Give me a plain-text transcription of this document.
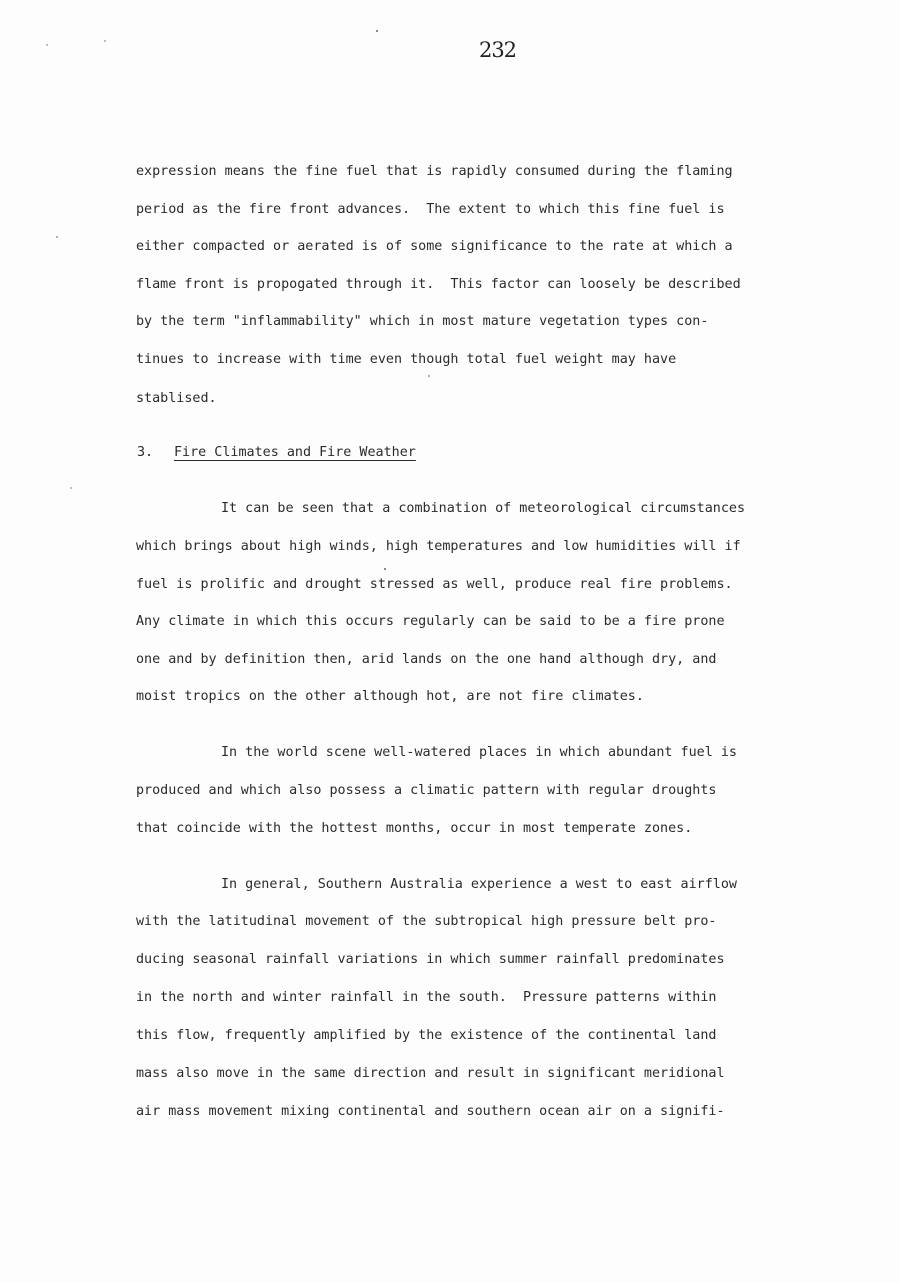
232
expression means the fine fuel that is rapidly consumed during the flaming
period as the fire front advances.  The extent to which this fine fuel is
either compacted or aerated is of some significance to the rate at which a
flame front is propogated through it.  This factor can loosely be described
by the term "inflammability" which in most mature vegetation types con-
tinues to increase with time even though total fuel weight may have
stablised.
3. Fire Climates and Fire Weather
It can be seen that a combination of meteorological circumstances
which brings about high winds, high temperatures and low humidities will if
fuel is prolific and drought stressed as well, produce real fire problems.
Any climate in which this occurs regularly can be said to be a fire prone
one and by definition then, arid lands on the one hand although dry, and
moist tropics on the other although hot, are not fire climates.
In the world scene well-watered places in which abundant fuel is
produced and which also possess a climatic pattern with regular droughts
that coincide with the hottest months, occur in most temperate zones.
In general, Southern Australia experience a west to east airflow
with the latitudinal movement of the subtropical high pressure belt pro-
ducing seasonal rainfall variations in which summer rainfall predominates
in the north and winter rainfall in the south.  Pressure patterns within
this flow, frequently amplified by the existence of the continental land
mass also move in the same direction and result in significant meridional
air mass movement mixing continental and southern ocean air on a signifi-
